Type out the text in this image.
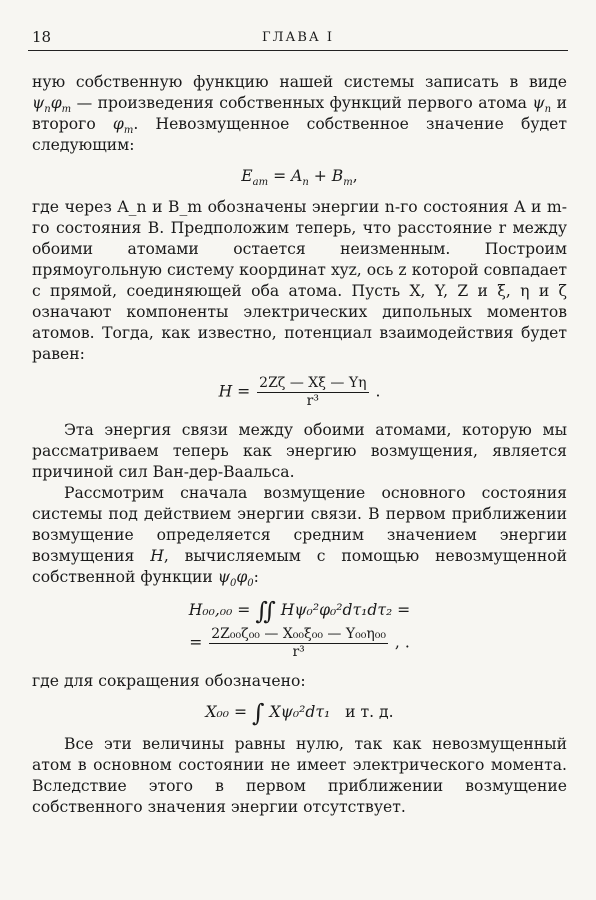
18	ГЛАВА I

ную собственную функцию нашей системы записать в виде $\psi_n\varphi_m$ — произведения собственных функций первого атома $\psi_n$ и второго $\varphi_m$. Невозмущенное собственное значение будет следующим:

$E_{am} = A_n + B_m$,

где через A_n и B_m обозначены энергии n-го состояния A и m-го состояния B. Предположим теперь, что расстояние r между обоими атомами остается неизменным. Построим прямоугольную систему координат xyz, ось z которой совпадает с прямой, соединяющей оба атома. Пусть X, Y, Z и ξ, η и ζ означают компоненты электрических дипольных моментов атомов. Тогда, как известно, потенциал взаимодействия будет равен:

$H = \frac{2Z\zeta — X\xi — Y\eta}{\text{r³}}$ .

Эта энергия связи между обоими атомами, которую мы рассматриваем теперь как энергию возмущения, является причиной сил Ван-дер-Ваальса.

Рассмотрим сначала возмущение основного состояния системы под действием энергии связи. В первом приближении возмущение определяется средним значением энергии возмущения H, вычисляемым с помощью невозмущенной собственной функции $\psi_0\varphi_0$:

H₀₀,₀₀ = ∬ Hψ₀²φ₀²dτ₁dτ₂ =
= $\frac{\text{2Z₀₀ζ₀₀ — X₀₀ξ₀₀ — Y₀₀η₀₀}}{\text{r³}}$ , .

где для сокращения обозначено:

X₀₀ = ∫ Xψ₀²dτ₁ и т. д.

Все эти величины равны нулю, так как невозмущенный атом в основном состоянии не имеет электрического момента. Вследствие этого в первом приближении возмущение собственного значения энергии отсутствует.
